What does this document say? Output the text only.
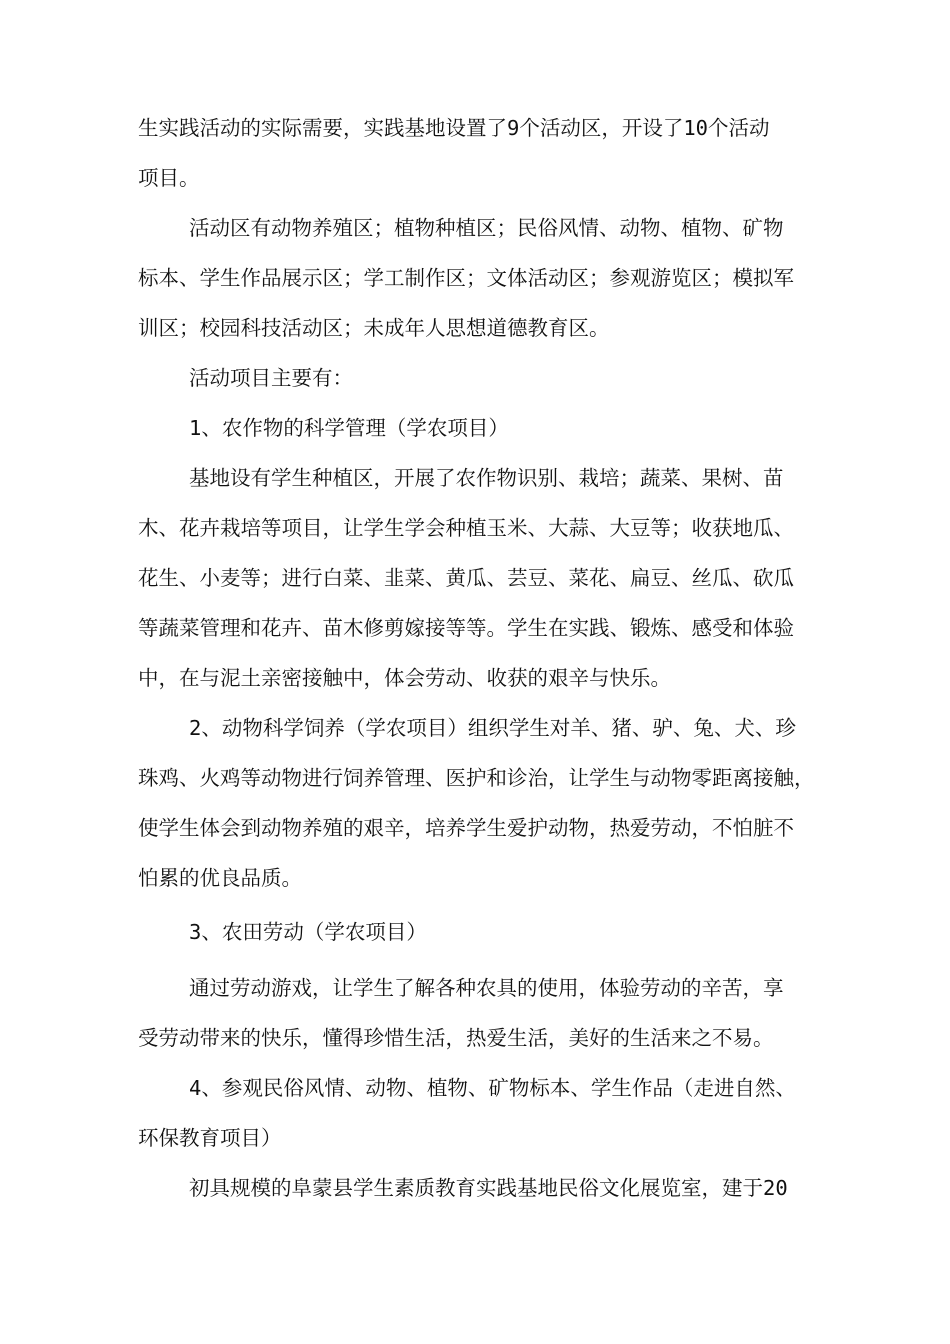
生实践活动的实际需要，实践基地设置了9个活动区，开设了10个活动
项目。
活动区有动物养殖区；植物种植区；民俗风情、动物、植物、矿物
标本、学生作品展示区；学工制作区；文体活动区；参观游览区；模拟军
训区；校园科技活动区；未成年人思想道德教育区。
活动项目主要有：
1、农作物的科学管理（学农项目）
基地设有学生种植区，开展了农作物识别、栽培；蔬菜、果树、苗
木、花卉栽培等项目，让学生学会种植玉米、大蒜、大豆等；收获地瓜、
花生、小麦等；进行白菜、韭菜、黄瓜、芸豆、菜花、扁豆、丝瓜、砍瓜
等蔬菜管理和花卉、苗木修剪嫁接等等。学生在实践、锻炼、感受和体验
中，在与泥土亲密接触中，体会劳动、收获的艰辛与快乐。
2、动物科学饲养（学农项目）组织学生对羊、猪、驴、兔、犬、珍
珠鸡、火鸡等动物进行饲养管理、医护和诊治，让学生与动物零距离接触，
使学生体会到动物养殖的艰辛，培养学生爱护动物，热爱劳动，不怕脏不
怕累的优良品质。
3、农田劳动（学农项目）
通过劳动游戏，让学生了解各种农具的使用，体验劳动的辛苦，享
受劳动带来的快乐，懂得珍惜生活，热爱生活，美好的生活来之不易。
4、参观民俗风情、动物、植物、矿物标本、学生作品（走进自然、
环保教育项目）
初具规模的阜蒙县学生素质教育实践基地民俗文化展览室，建于20
